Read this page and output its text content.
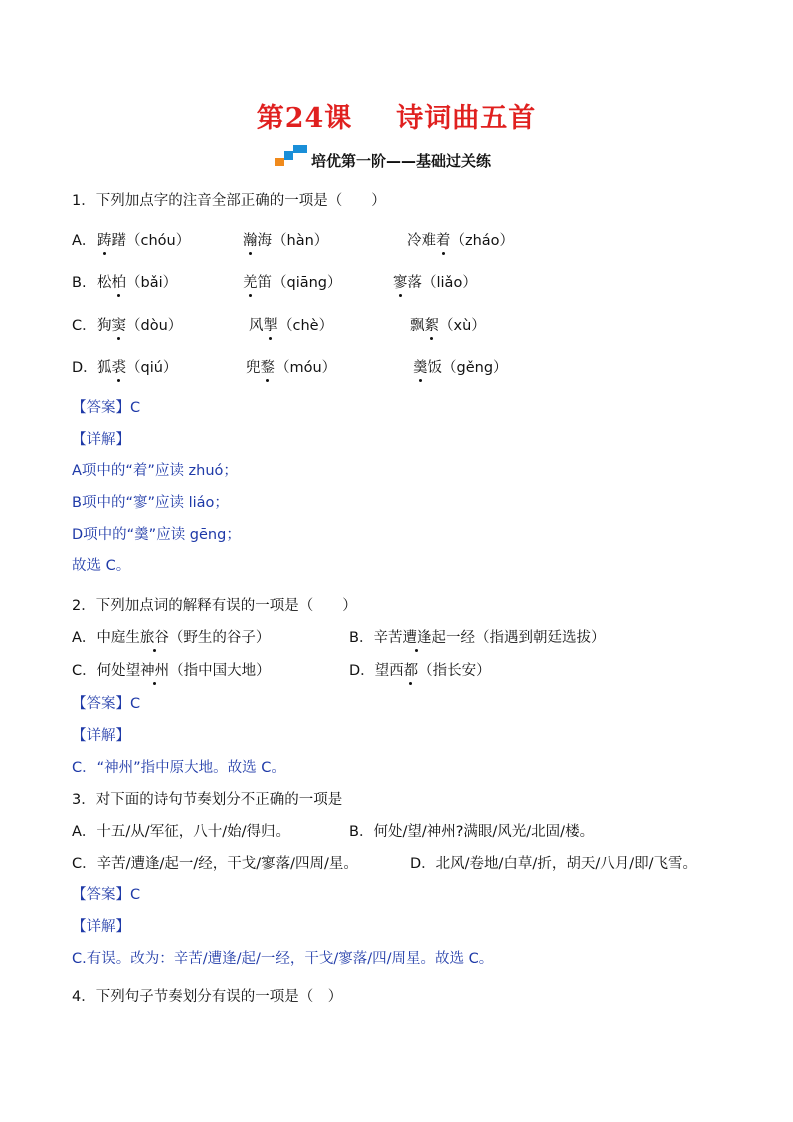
第24课 诗词曲五首
培优第一阶——基础过关练
1．下列加点字的注音全部正确的一项是（　　）
A． 踌躇（chóu）	瀚海（hàn）	冷难着（zháo）
B. 松柏（bǎi）	羌笛（qiāng）	寥落（liǎo）
C． 狗窦（dòu）	风掣（chè）	飘絮（xù）
D． 狐裘（qiú）	兜鍪（móu）	羹饭（gěng）
【答案】C
【详解】
A项中的“着”应读 zhuó；
B项中的“寥”应读 liáo；
D项中的“羹”应读 gēng；
故选 C。
2．下列加点词的解释有误的一项是（　　）
A．中庭生旅谷（野生的谷子）	B．辛苦遭逢起一经（指遇到朝廷选拔）
C．何处望神州（指中国大地）	D．望西都（指长安）
【答案】C
【详解】
C．“神州”指中原大地。故选 C。
3．对下面的诗句节奏划分不正确的一项是
A．十五/从/军征，八十/始/得归。	B．何处/望/神州?满眼/风光/北固/楼。
C．辛苦/遭逢/起一/经，干戈/寥落/四周/星。	D．北风/卷地/白草/折，胡天/八月/即/飞雪。
【答案】C
【详解】
C.有误。改为：辛苦/遭逢/起/一经，干戈/寥落/四/周星。故选 C。
4．下列句子节奏划分有误的一项是（　）
